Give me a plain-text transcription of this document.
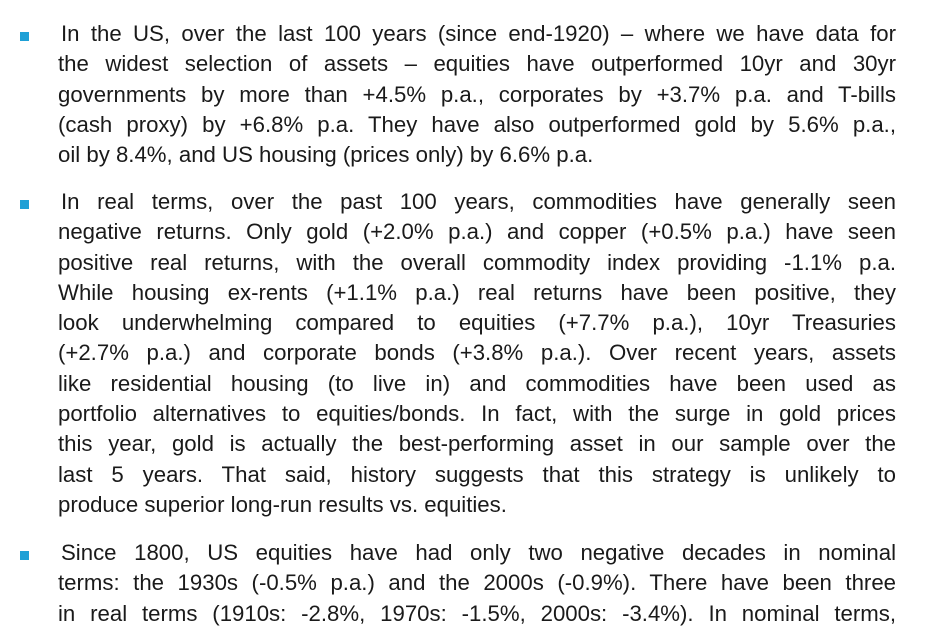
In the US, over the last 100 years (since end-1920) – where we have data for
the widest selection of assets – equities have outperformed 10yr and 30yr
governments by more than +4.5% p.a., corporates by +3.7% p.a. and T-bills
(cash proxy) by +6.8% p.a. They have also outperformed gold by 5.6% p.a.,
oil by 8.4%, and US housing (prices only) by 6.6% p.a.
In real terms, over the past 100 years, commodities have generally seen
negative returns. Only gold (+2.0% p.a.) and copper (+0.5% p.a.) have seen
positive real returns, with the overall commodity index providing -1.1% p.a.
While housing ex-rents (+1.1% p.a.) real returns have been positive, they
look underwhelming compared to equities (+7.7% p.a.), 10yr Treasuries
(+2.7% p.a.) and corporate bonds (+3.8% p.a.). Over recent years, assets
like residential housing (to live in) and commodities have been used as
portfolio alternatives to equities/bonds. In fact, with the surge in gold prices
this year, gold is actually the best-performing asset in our sample over the
last 5 years. That said, history suggests that this strategy is unlikely to
produce superior long-run results vs. equities.
Since 1800, US equities have had only two negative decades in nominal
terms: the 1930s (-0.5% p.a.) and the 2000s (-0.9%). There have been three
in real terms (1910s: -2.8%, 1970s: -1.5%, 2000s: -3.4%). In nominal terms,
